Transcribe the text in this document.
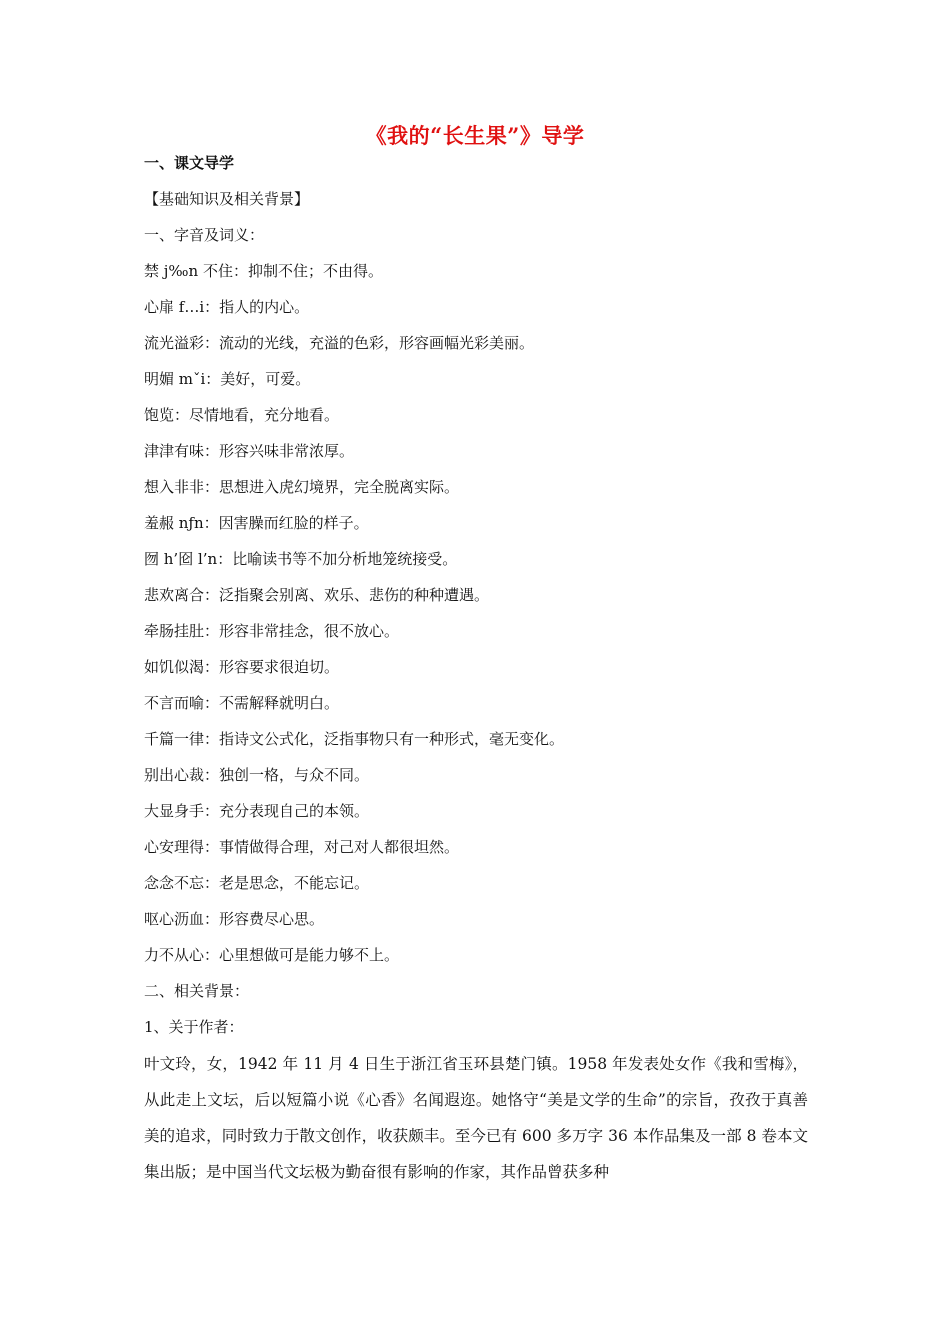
《我的“长生果”》导学
一、课文导学
【基础知识及相关背景】
一、字音及词义：
禁 j‰n 不住：抑制不住；不由得。
心扉 f…i：指人的内心。
流光溢彩：流动的光线，充溢的色彩，形容画幅光彩美丽。
明媚 mˇi：美好，可爱。
饱览：尽情地看，充分地看。
津津有味：形容兴味非常浓厚。
想入非非：思想进入虎幻境界，完全脱离实际。
羞赧 nƒn：因害臊而红脸的样子。
囫 h’囵 l’n：比喻读书等不加分析地笼统接受。
悲欢离合：泛指聚会别离、欢乐、悲伤的种种遭遇。
牵肠挂肚：形容非常挂念，很不放心。
如饥似渴：形容要求很迫切。
不言而喻：不需解释就明白。
千篇一律：指诗文公式化，泛指事物只有一种形式，毫无变化。
别出心裁：独创一格，与众不同。
大显身手：充分表现自己的本领。
心安理得：事情做得合理，对己对人都很坦然。
念念不忘：老是思念，不能忘记。
呕心沥血：形容费尽心思。
力不从心：心里想做可是能力够不上。
二、相关背景：
1、关于作者：
叶文玲，女，1942 年 11 月 4 日生于浙江省玉环县楚门镇。1958 年发表处女作《我和雪梅》，从此走上文坛，后以短篇小说《心香》名闻遐迩。她恪守“美是文学的生命”的宗旨，孜孜于真善美的追求，同时致力于散文创作，收获颇丰。至今已有 600 多万字 36 本作品集及一部 8 卷本文集出版；是中国当代文坛极为勤奋很有影响的作家，其作品曾获多种
